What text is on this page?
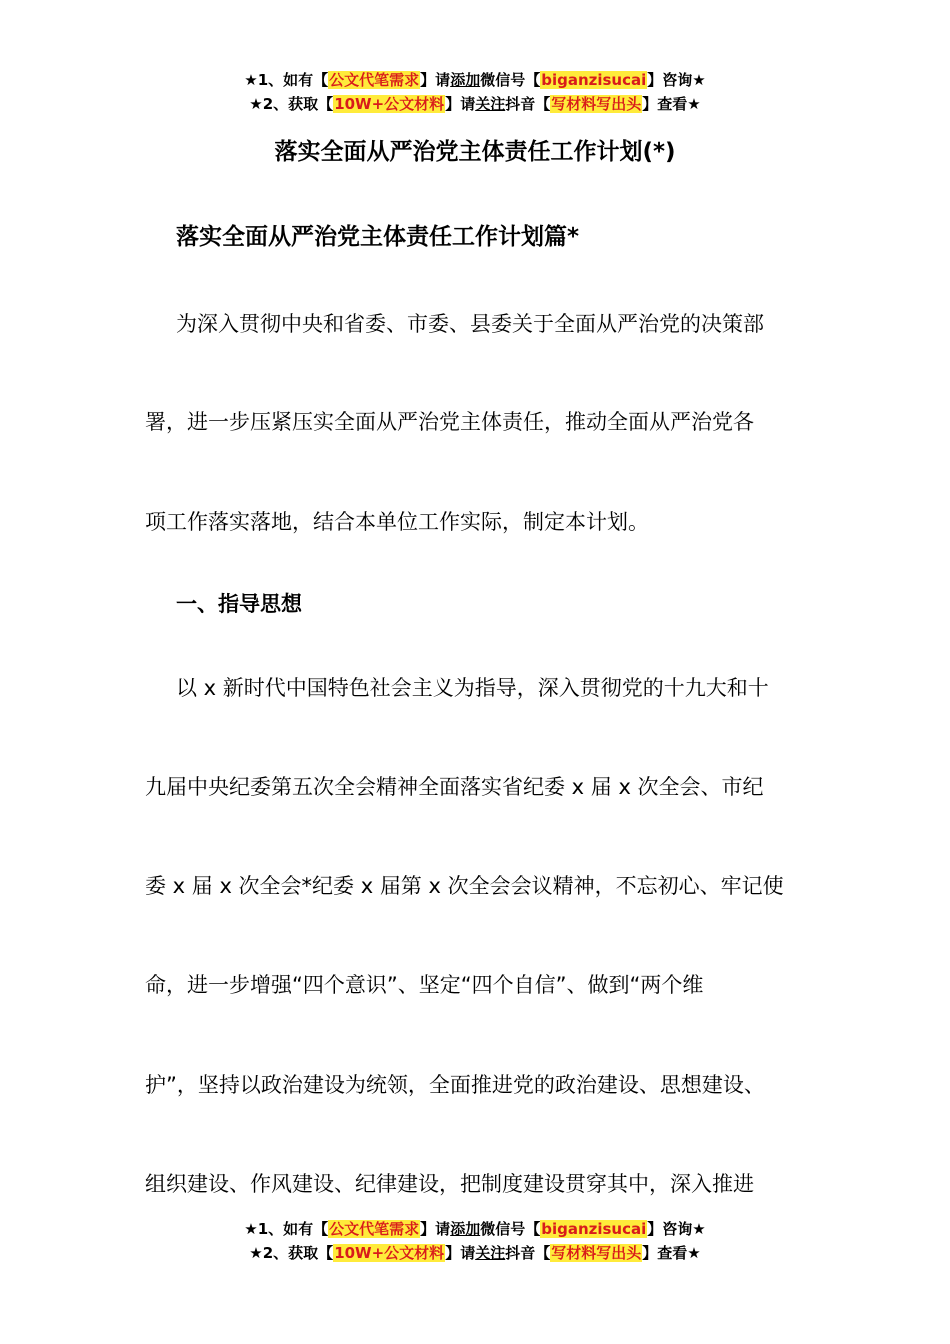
★1、如有【公文代笔需求】请添加微信号【biganzisucai】咨询★
★2、获取【10W+公文材料】请关注抖音【写材料写出头】查看★
落实全面从严治党主体责任工作计划(*)
落实全面从严治党主体责任工作计划篇*
为深入贯彻中央和省委、市委、县委关于全面从严治党的决策部
署，进一步压紧压实全面从严治党主体责任，推动全面从严治党各
项工作落实落地，结合本单位工作实际，制定本计划。
一、指导思想
以 x 新时代中国特色社会主义为指导，深入贯彻党的十九大和十
九届中央纪委第五次全会精神全面落实省纪委 x 届 x 次全会、市纪
委 x 届 x 次全会*纪委 x 届第 x 次全会会议精神，不忘初心、牢记使
命，进一步增强“四个意识”、坚定“四个自信”、做到“两个维
护”，坚持以政治建设为统领，全面推进党的政治建设、思想建设、
组织建设、作风建设、纪律建设，把制度建设贯穿其中，深入推进
★1、如有【公文代笔需求】请添加微信号【biganzisucai】咨询★
★2、获取【10W+公文材料】请关注抖音【写材料写出头】查看★
